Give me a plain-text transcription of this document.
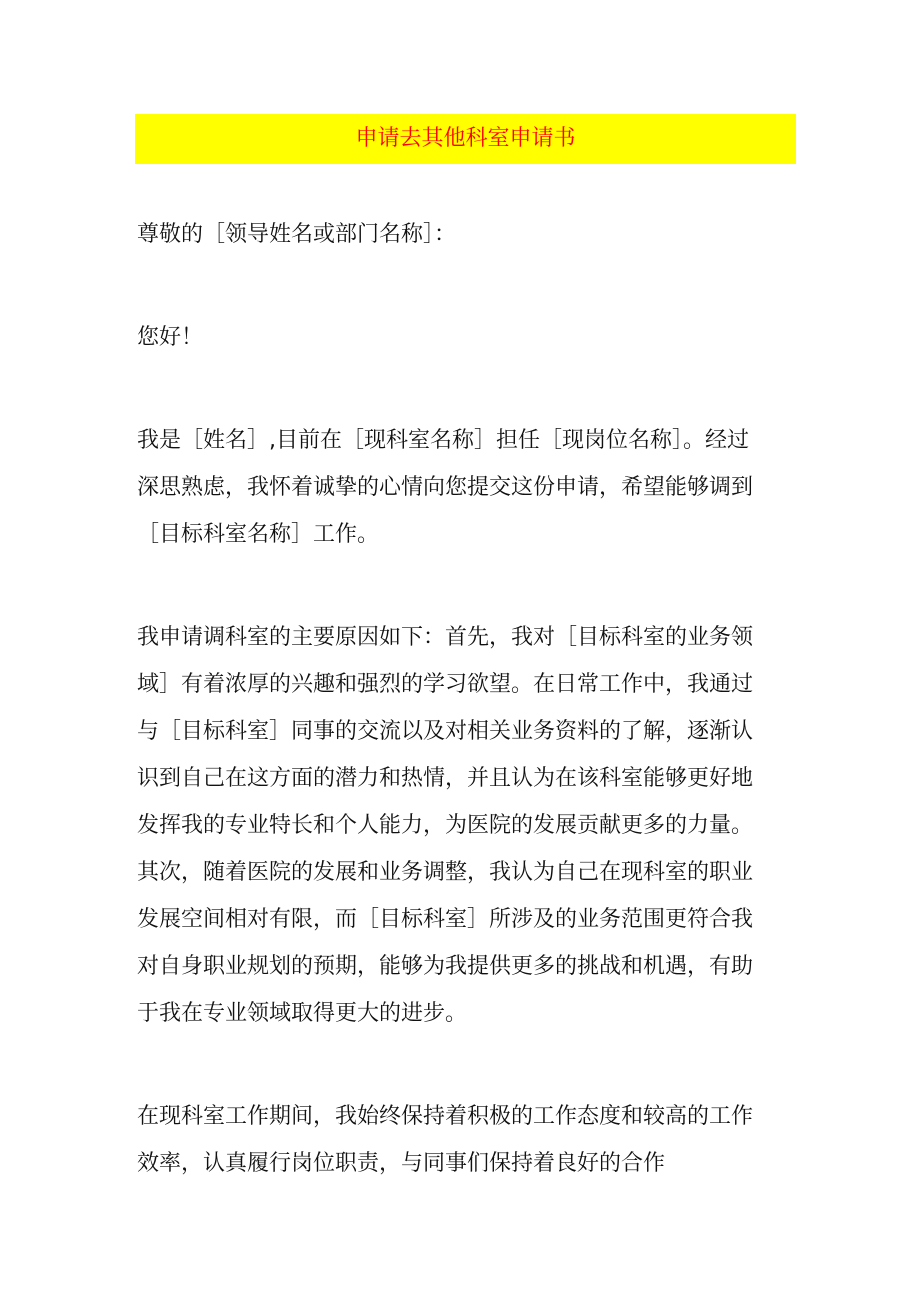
申请去其他科室申请书

尊敬的［领导姓名或部门名称］：

您好！

我是［姓名］,目前在［现科室名称］担任［现岗位名称］。经过
深思熟虑，我怀着诚挚的心情向您提交这份申请，希望能够调到
［目标科室名称］工作。

我申请调科室的主要原因如下：首先，我对［目标科室的业务领
域］有着浓厚的兴趣和强烈的学习欲望。在日常工作中，我通过
与［目标科室］同事的交流以及对相关业务资料的了解，逐渐认
识到自己在这方面的潜力和热情，并且认为在该科室能够更好地
发挥我的专业特长和个人能力，为医院的发展贡献更多的力量。
其次，随着医院的发展和业务调整，我认为自己在现科室的职业
发展空间相对有限，而［目标科室］所涉及的业务范围更符合我
对自身职业规划的预期，能够为我提供更多的挑战和机遇，有助
于我在专业领域取得更大的进步。

在现科室工作期间，我始终保持着积极的工作态度和较高的工作
效率，认真履行岗位职责，与同事们保持着良好的合作
